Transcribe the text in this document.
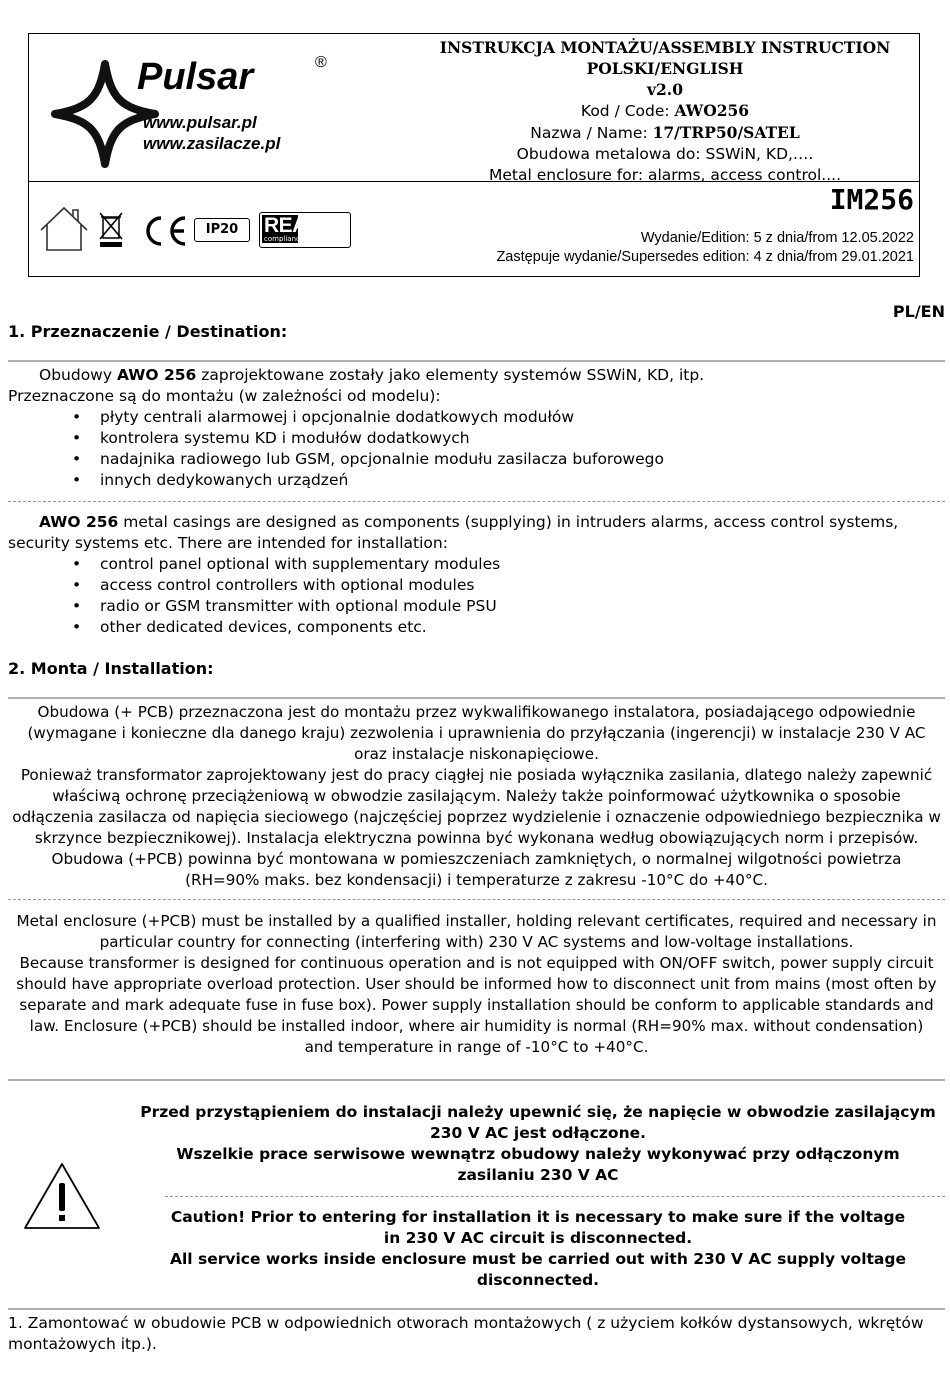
Pulsar	®
www.pulsar.pl
www.zasilacze.pl
INSTRUKCJA MONTAŻU/ASSEMBLY INSTRUCTION
POLSKI/ENGLISH
v2.0
Kod / Code: AWO256
Nazwa / Name: 17/TRP50/SATEL
Obudowa metalowa do: SSWiN, KD,….
Metal enclosure for: alarms, access control....
IP20	REACH
compliance
IM256
Wydanie/Edition: 5 z dnia/from 12.05.2022
Zastępuje wydanie/Supersedes edition: 4 z dnia/from 29.01.2021
PL/EN
1. Przeznaczenie / Destination:
Obudowy AWO 256 zaprojektowane zostały jako elementy systemów SSWiN, KD, itp.
Przeznaczone są do montażu (w zależności od modelu):
• płyty centrali alarmowej i opcjonalnie dodatkowych modułów
• kontrolera systemu KD i modułów dodatkowych
• nadajnika radiowego lub GSM, opcjonalnie modułu zasilacza buforowego
• innych dedykowanych urządzeń
AWO 256 metal casings are designed as components (supplying) in intruders alarms, access control systems,
security systems etc. There are intended for installation:
• control panel optional with supplementary modules
• access control controllers with optional modules
• radio or GSM transmitter with optional module PSU
• other dedicated devices, components etc.
2. Monta / Installation:
Obudowa (+ PCB) przeznaczona jest do montażu przez wykwalifikowanego instalatora, posiadającego odpowiednie
(wymagane i konieczne dla danego kraju) zezwolenia i uprawnienia do przyłączania (ingerencji) w instalacje 230 V AC
oraz instalacje niskonapięciowe.
Ponieważ transformator zaprojektowany jest do pracy ciągłej nie posiada wyłącznika zasilania, dlatego należy zapewnić
właściwą ochronę przeciążeniową w obwodzie zasilającym. Należy także poinformować użytkownika o sposobie
odłączenia zasilacza od napięcia sieciowego (najczęściej poprzez wydzielenie i oznaczenie odpowiedniego bezpiecznika w
skrzynce bezpiecznikowej). Instalacja elektryczna powinna być wykonana według obowiązujących norm i przepisów.
Obudowa (+PCB) powinna być montowana w pomieszczeniach zamkniętych, o normalnej wilgotności powietrza
(RH=90% maks. bez kondensacji) i temperaturze z zakresu -10°C do +40°C.
Metal enclosure (+PCB) must be installed by a qualified installer, holding relevant certificates, required and necessary in
particular country for connecting (interfering with) 230 V AC systems and low-voltage installations.
Because transformer is designed for continuous operation and is not equipped with ON/OFF switch, power supply circuit
should have appropriate overload protection. User should be informed how to disconnect unit from mains (most often by
separate and mark adequate fuse in fuse box). Power supply installation should be conform to applicable standards and
law. Enclosure (+PCB) should be installed indoor, where air humidity is normal (RH=90% max. without condensation)
and temperature in range of -10°C to +40°C.
Przed przystąpieniem do instalacji należy upewnić się, że napięcie w obwodzie zasilającym
230 V AC jest odłączone.
Wszelkie prace serwisowe wewnątrz obudowy należy wykonywać przy odłączonym
zasilaniu 230 V AC
Caution! Prior to entering for installation it is necessary to make sure if the voltage
in 230 V AC circuit is disconnected.
All service works inside enclosure must be carried out with 230 V AC supply voltage
disconnected.
1. Zamontować w obudowie PCB w odpowiednich otworach montażowych ( z użyciem kołków dystansowych, wkrętów
montażowych itp.).
